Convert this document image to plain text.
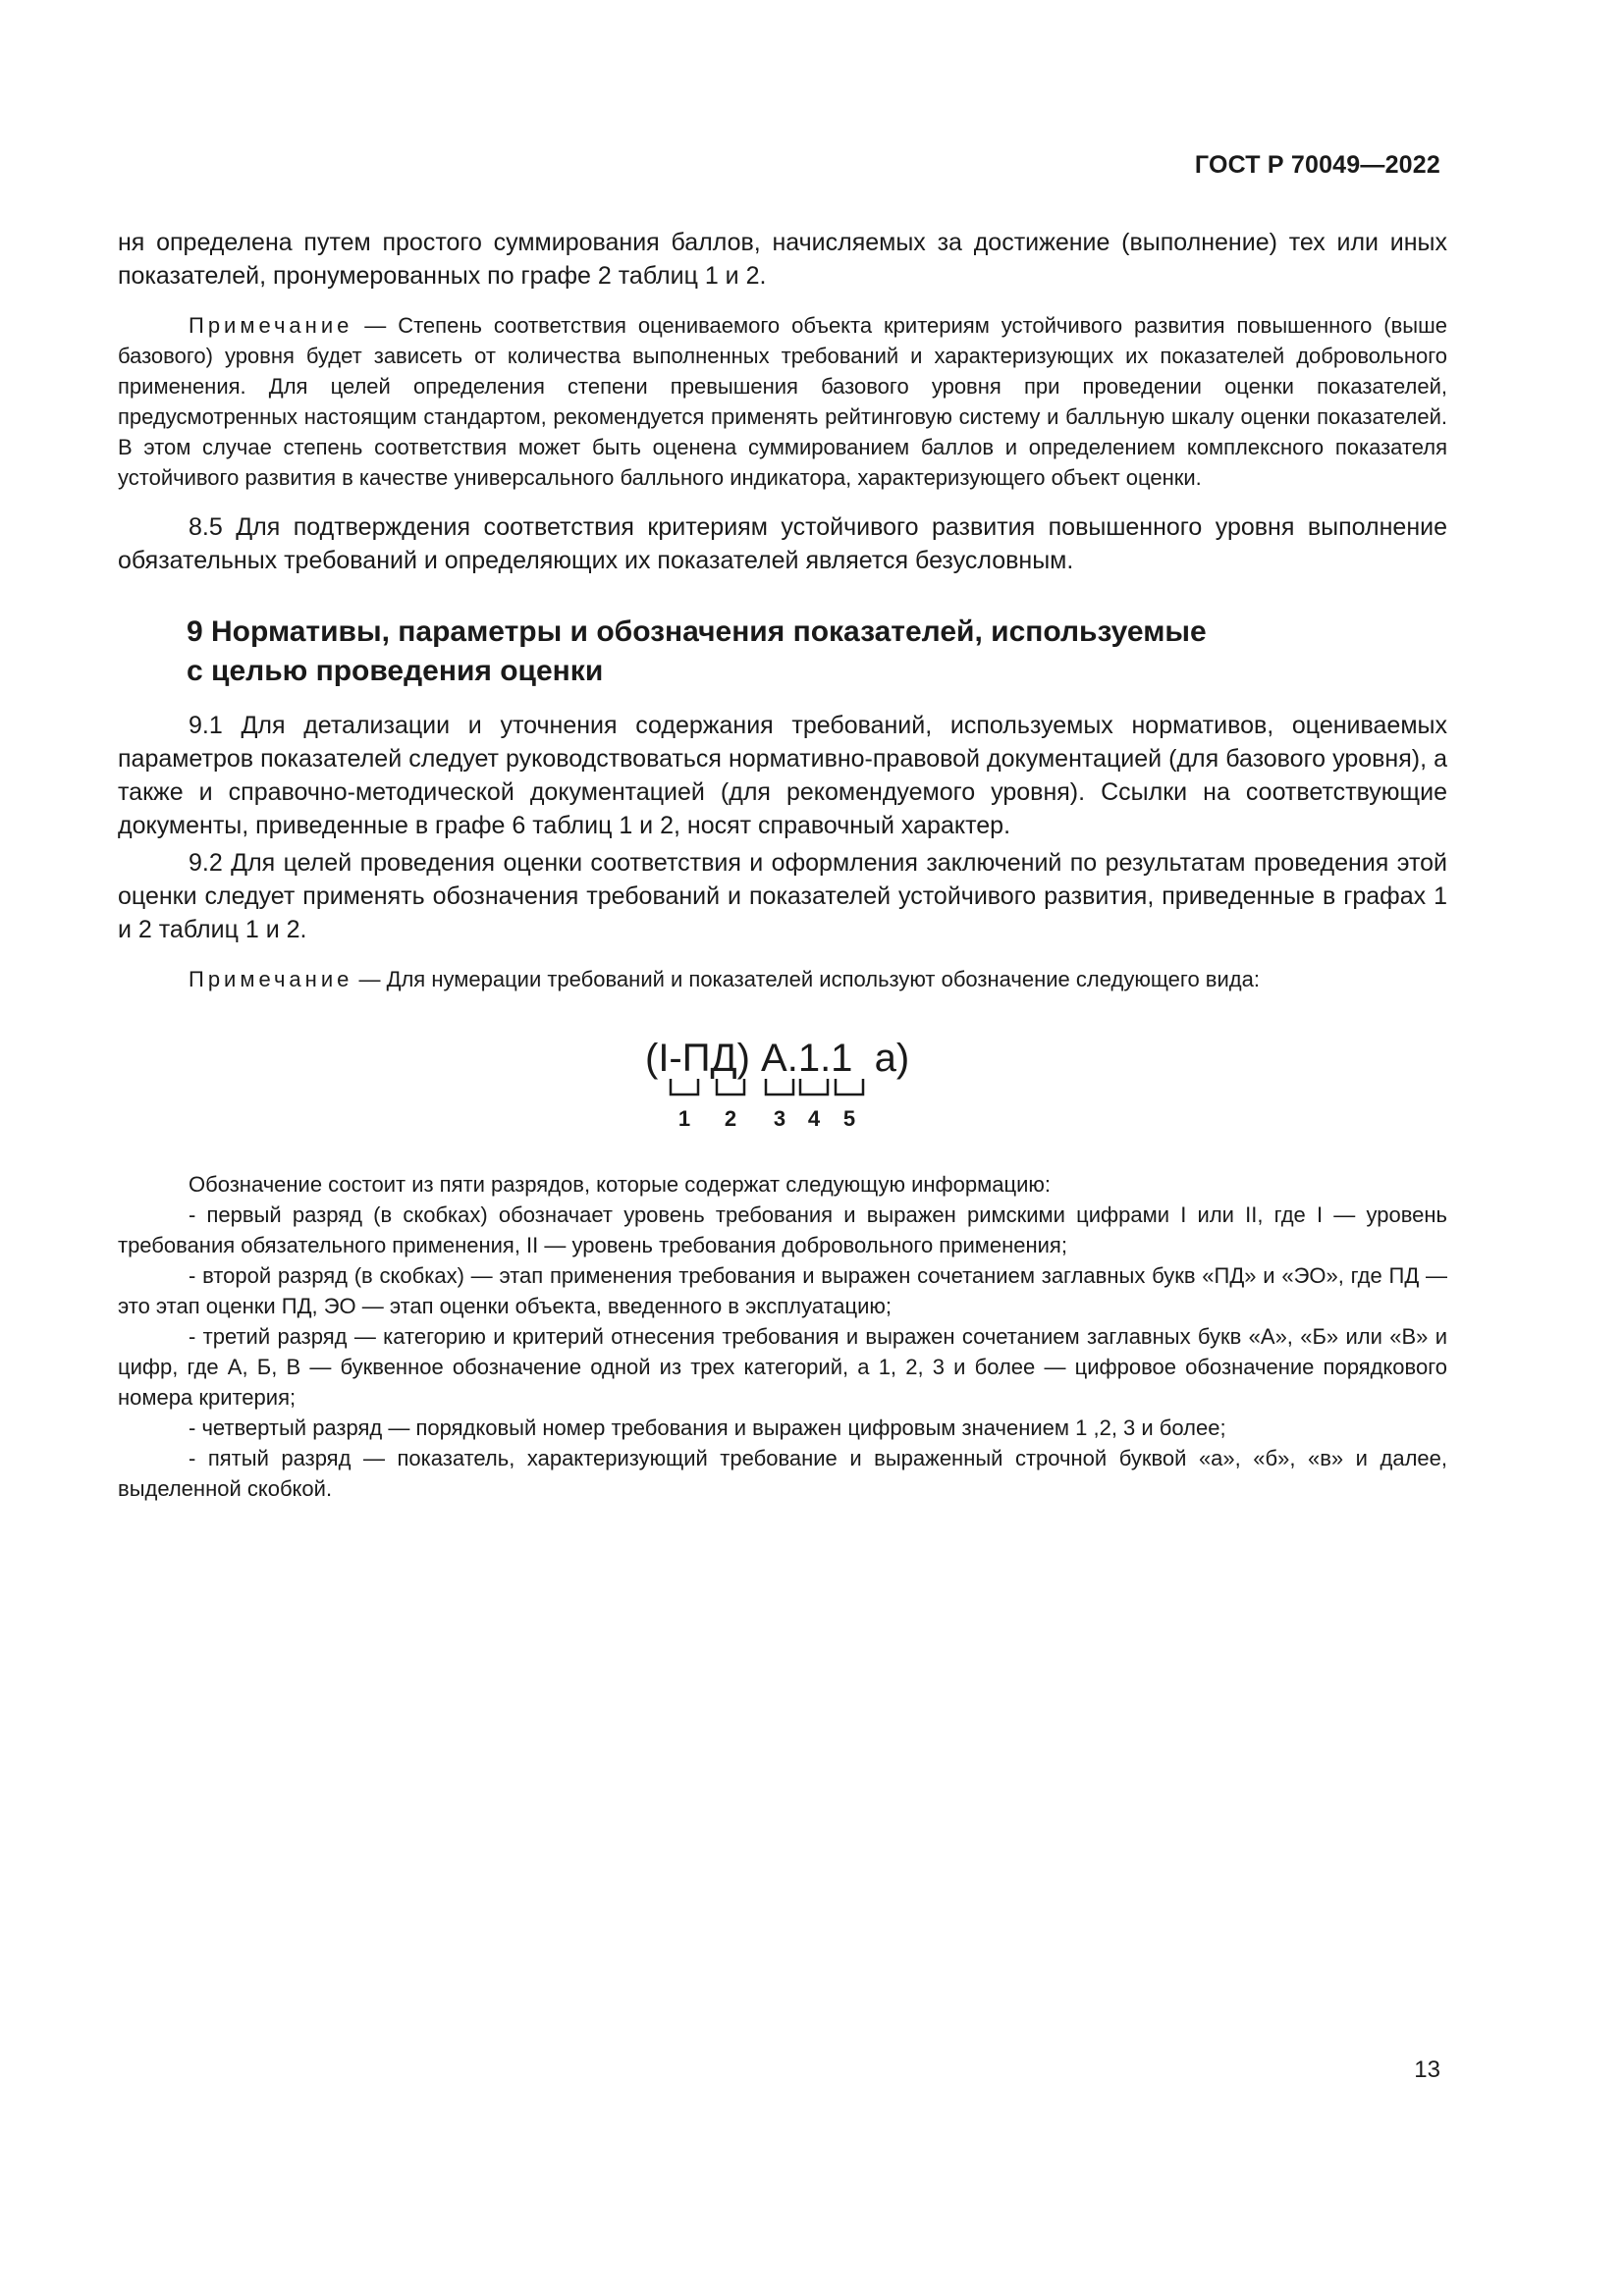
ГОСТ Р 70049—2022

ня определена путем простого суммирования баллов, начисляемых за достижение (выполнение) тех или иных показателей, пронумерованных по графе 2 таблиц 1 и 2.

Примечание — Степень соответствия оцениваемого объекта критериям устойчивого развития повышенного (выше базового) уровня будет зависеть от количества выполненных требований и характеризующих их показателей добровольного применения. Для целей определения степени превышения базового уровня при проведении оценки показателей, предусмотренных настоящим стандартом, рекомендуется применять рейтинговую систему и балльную шкалу оценки показателей. В этом случае степень соответствия может быть оценена суммированием баллов и определением комплексного показателя устойчивого развития в качестве универсального балльного индикатора, характеризующего объект оценки.

8.5 Для подтверждения соответствия критериям устойчивого развития повышенного уровня выполнение обязательных требований и определяющих их показателей является безусловным.

9 Нормативы, параметры и обозначения показателей, используемые
с целью проведения оценки

9.1 Для детализации и уточнения содержания требований, используемых нормативов, оцениваемых параметров показателей следует руководствоваться нормативно-правовой документацией (для базового уровня), а также и справочно-методической документацией (для рекомендуемого уровня). Ссылки на соответствующие документы, приведенные в графе 6 таблиц 1 и 2, носят справочный характер.

9.2 Для целей проведения оценки соответствия и оформления заключений по результатам проведения этой оценки следует применять обозначения требований и показателей устойчивого развития, приведенные в графах 1 и 2 таблиц 1 и 2.

Примечание — Для нумерации требований и показателей используют обозначение следующего вида:

(I-ПД) А.1.1  а)
1 2 3 4 5

Обозначение состоит из пяти разрядов, которые содержат следующую информацию:

- первый разряд (в скобках) обозначает уровень требования и выражен римскими цифрами I или II, где I — уровень требования обязательного применения, II — уровень требования добровольного применения;

- второй разряд (в скобках) — этап применения требования и выражен сочетанием заглавных букв «ПД» и «ЭО», где ПД — это этап оценки ПД, ЭО — этап оценки объекта, введенного в эксплуатацию;

- третий разряд — категорию и критерий отнесения требования и выражен сочетанием заглавных букв «А», «Б» или «В» и цифр, где А, Б, В — буквенное обозначение одной из трех категорий, а 1, 2, 3 и более — цифровое обозначение порядкового номера критерия;

- четвертый разряд — порядковый номер требования и выражен цифровым значением 1 ,2, 3 и более;

- пятый разряд — показатель, характеризующий требование и выраженный строчной буквой «а», «б», «в» и далее, выделенной скобкой.

13
